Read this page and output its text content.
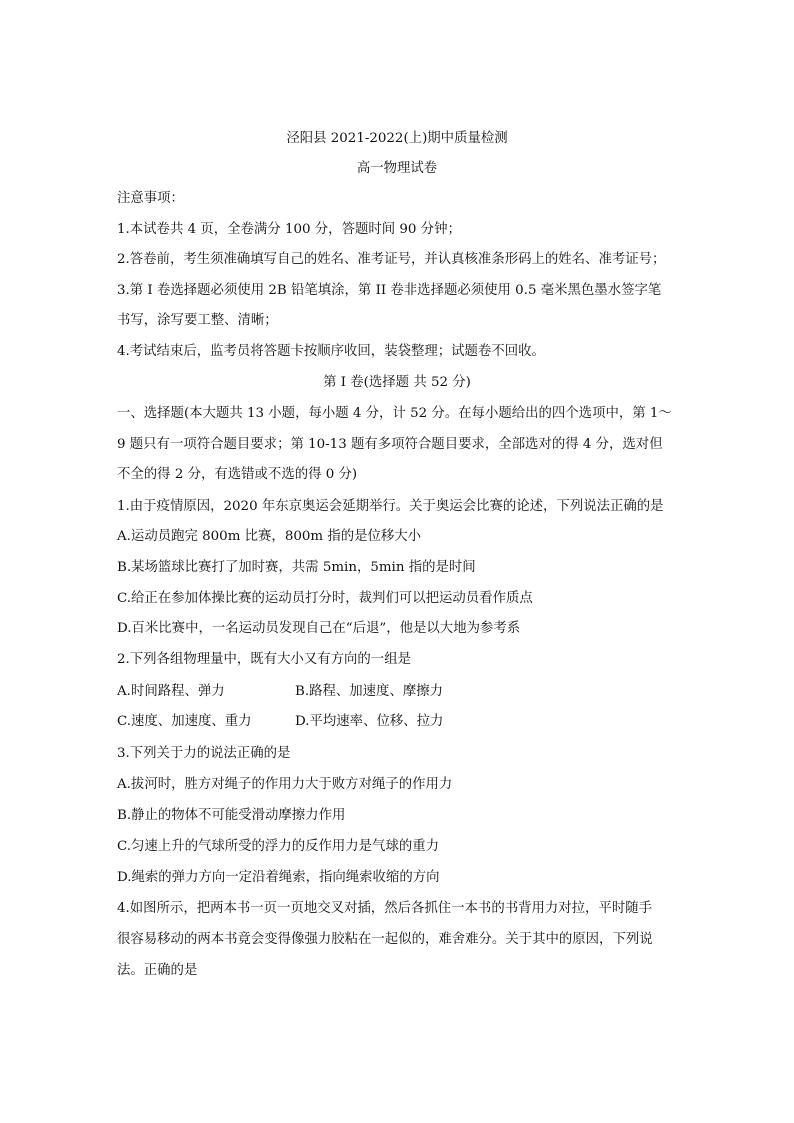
泾阳县 2021-2022(上)期中质量检测
高一物理试卷
注意事项：
1.本试卷共 4 页，全卷满分 100 分，答题时间 90 分钟；
2.答卷前，考生须准确填写自己的姓名、准考证号，并认真核准条形码上的姓名、准考证号；
3.第 I 卷选择题必须使用 2B 铅笔填涂，第 II 卷非选择题必须使用 0.5 毫米黑色墨水签字笔
书写，涂写要工整、清晰；
4.考试结束后，监考员将答题卡按顺序收回，装袋整理；试题卷不回收。
第 I 卷(选择题 共 52 分)
一、选择题(本大题共 13 小题，每小题 4 分，计 52 分。在每小题给出的四个选项中，第 1～
9 题只有一项符合题目要求；第 10-13 题有多项符合题目要求，全部选对的得 4 分，选对但
不全的得 2 分，有选错或不选的得 0 分)
1.由于疫情原因，2020 年东京奥运会延期举行。关于奥运会比赛的论述，下列说法正确的是
A.运动员跑完 800m 比赛，800m 指的是位移大小
B.某场篮球比赛打了加时赛，共需 5min，5min 指的是时间
C.给正在参加体操比赛的运动员打分时，裁判们可以把运动员看作质点
D.百米比赛中，一名运动员发现自己在“后退”，他是以大地为参考系
2.下列各组物理量中，既有大小又有方向的一组是
A.时间路程、弹力	B.路程、加速度、摩擦力
C.速度、加速度、重力	D.平均速率、位移、拉力
3.下列关于力的说法正确的是
A.拔河时，胜方对绳子的作用力大于败方对绳子的作用力
B.静止的物体不可能受滑动摩擦力作用
C.匀速上升的气球所受的浮力的反作用力是气球的重力
D.绳索的弹力方向一定沿着绳索，指向绳索收缩的方向
4.如图所示，把两本书一页一页地交叉对插，然后各抓住一本书的书背用力对拉，平时随手
很容易移动的两本书竟会变得像强力胶粘在一起似的，难舍难分。关于其中的原因，下列说
法。正确的是
